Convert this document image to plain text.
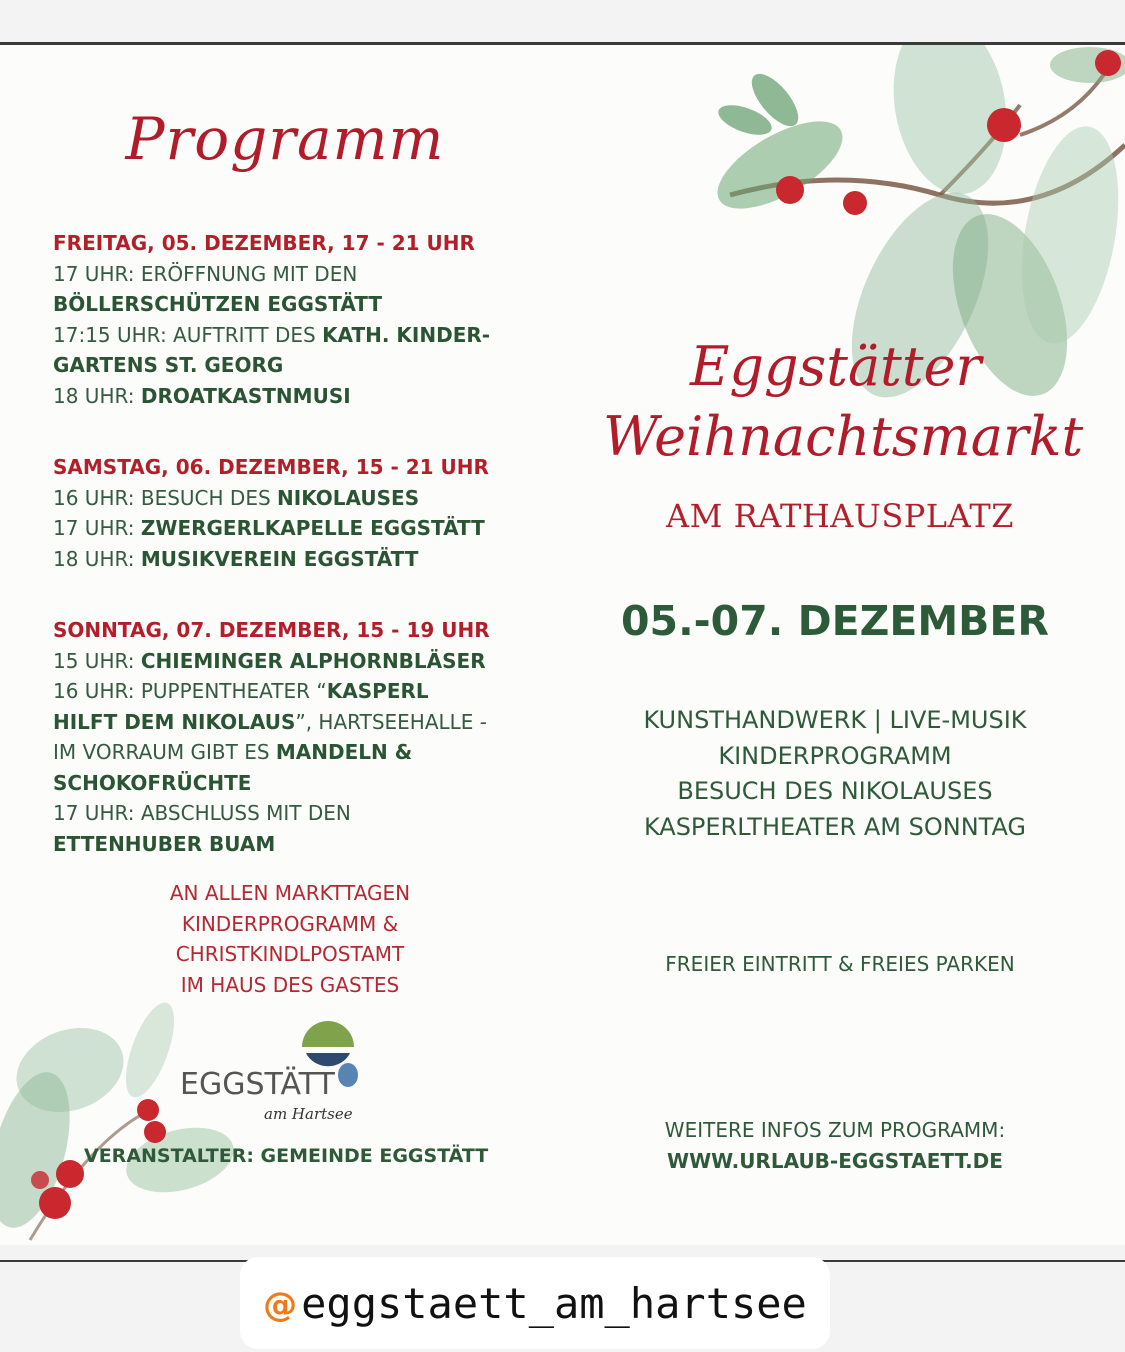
Programm
FREITAG, 05. DEZEMBER, 17 - 21 UHR
17 UHR: ERÖFFNUNG MIT DEN
BÖLLERSCHÜTZEN EGGSTÄTT
17:15 UHR: AUFTRITT DES KATH. KINDER-
GARTENS ST. GEORG
18 UHR: DROATKASTNMUSI
SAMSTAG, 06. DEZEMBER, 15 - 21 UHR
16 UHR: BESUCH DES NIKOLAUSES
17 UHR: ZWERGERLKAPELLE EGGSTÄTT
18 UHR: MUSIKVEREIN EGGSTÄTT
SONNTAG, 07. DEZEMBER, 15 - 19 UHR
15 UHR: CHIEMINGER ALPHORNBLÄSER
16 UHR: PUPPENTHEATER “KASPERL
HILFT DEM NIKOLAUS”, HARTSEEHALLE -
IM VORRAUM GIBT ES MANDELN &
SCHOKOFRÜCHTE
17 UHR: ABSCHLUSS MIT DEN
ETTENHUBER BUAM
AN ALLEN MARKTTAGEN
KINDERPROGRAMM &
CHRISTKINDLPOSTAMT
IM HAUS DES GASTES
EGGSTÄTT
am Hartsee
VERANSTALTER: GEMEINDE EGGSTÄTT
Eggstätter
Weihnachtsmarkt
AM RATHAUSPLATZ
05.-07. DEZEMBER
KUNSTHANDWERK | LIVE-MUSIK
KINDERPROGRAMM
BESUCH DES NIKOLAUSES
KASPERLTHEATER AM SONNTAG
FREIER EINTRITT & FREIES PARKEN
WEITERE INFOS ZUM PROGRAMM:
WWW.URLAUB-EGGSTAETT.DE
@ eggstaett_am_hartsee
